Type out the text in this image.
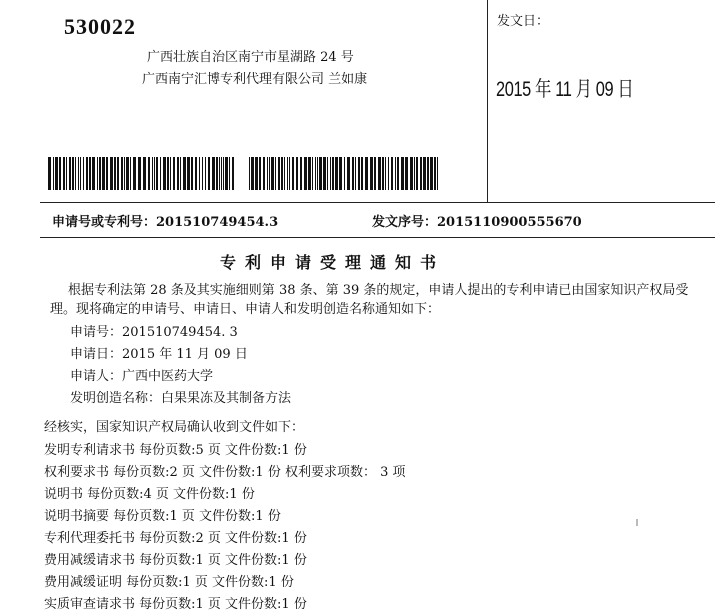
530022
广西壮族自治区南宁市星湖路 24 号
广西南宁汇博专利代理有限公司 兰如康
发文日：
2015 年 11 月 09 日
申请号或专利号：201510749454.3	发文序号：2015110900555670
专利申请受理通知书
根据专利法第 28 条及其实施细则第 38 条、第 39 条的规定，申请人提出的专利申请已由国家知识产权局受理。现将确定的申请号、申请日、申请人和发明创造名称通知如下：
申请号：201510749454. 3
申请日：2015 年 11 月 09 日
申请人：广西中医药大学
发明创造名称：白果果冻及其制备方法
经核实，国家知识产权局确认收到文件如下：
发明专利请求书 每份页数:5 页 文件份数:1 份
权利要求书 每份页数:2 页 文件份数:1 份 权利要求项数： 3 项
说明书 每份页数:4 页 文件份数:1 份
说明书摘要 每份页数:1 页 文件份数:1 份
专利代理委托书 每份页数:2 页 文件份数:1 份
费用减缓请求书 每份页数:1 页 文件份数:1 份
费用减缓证明 每份页数:1 页 文件份数:1 份
实质审查请求书 每份页数:1 页 文件份数:1 份
